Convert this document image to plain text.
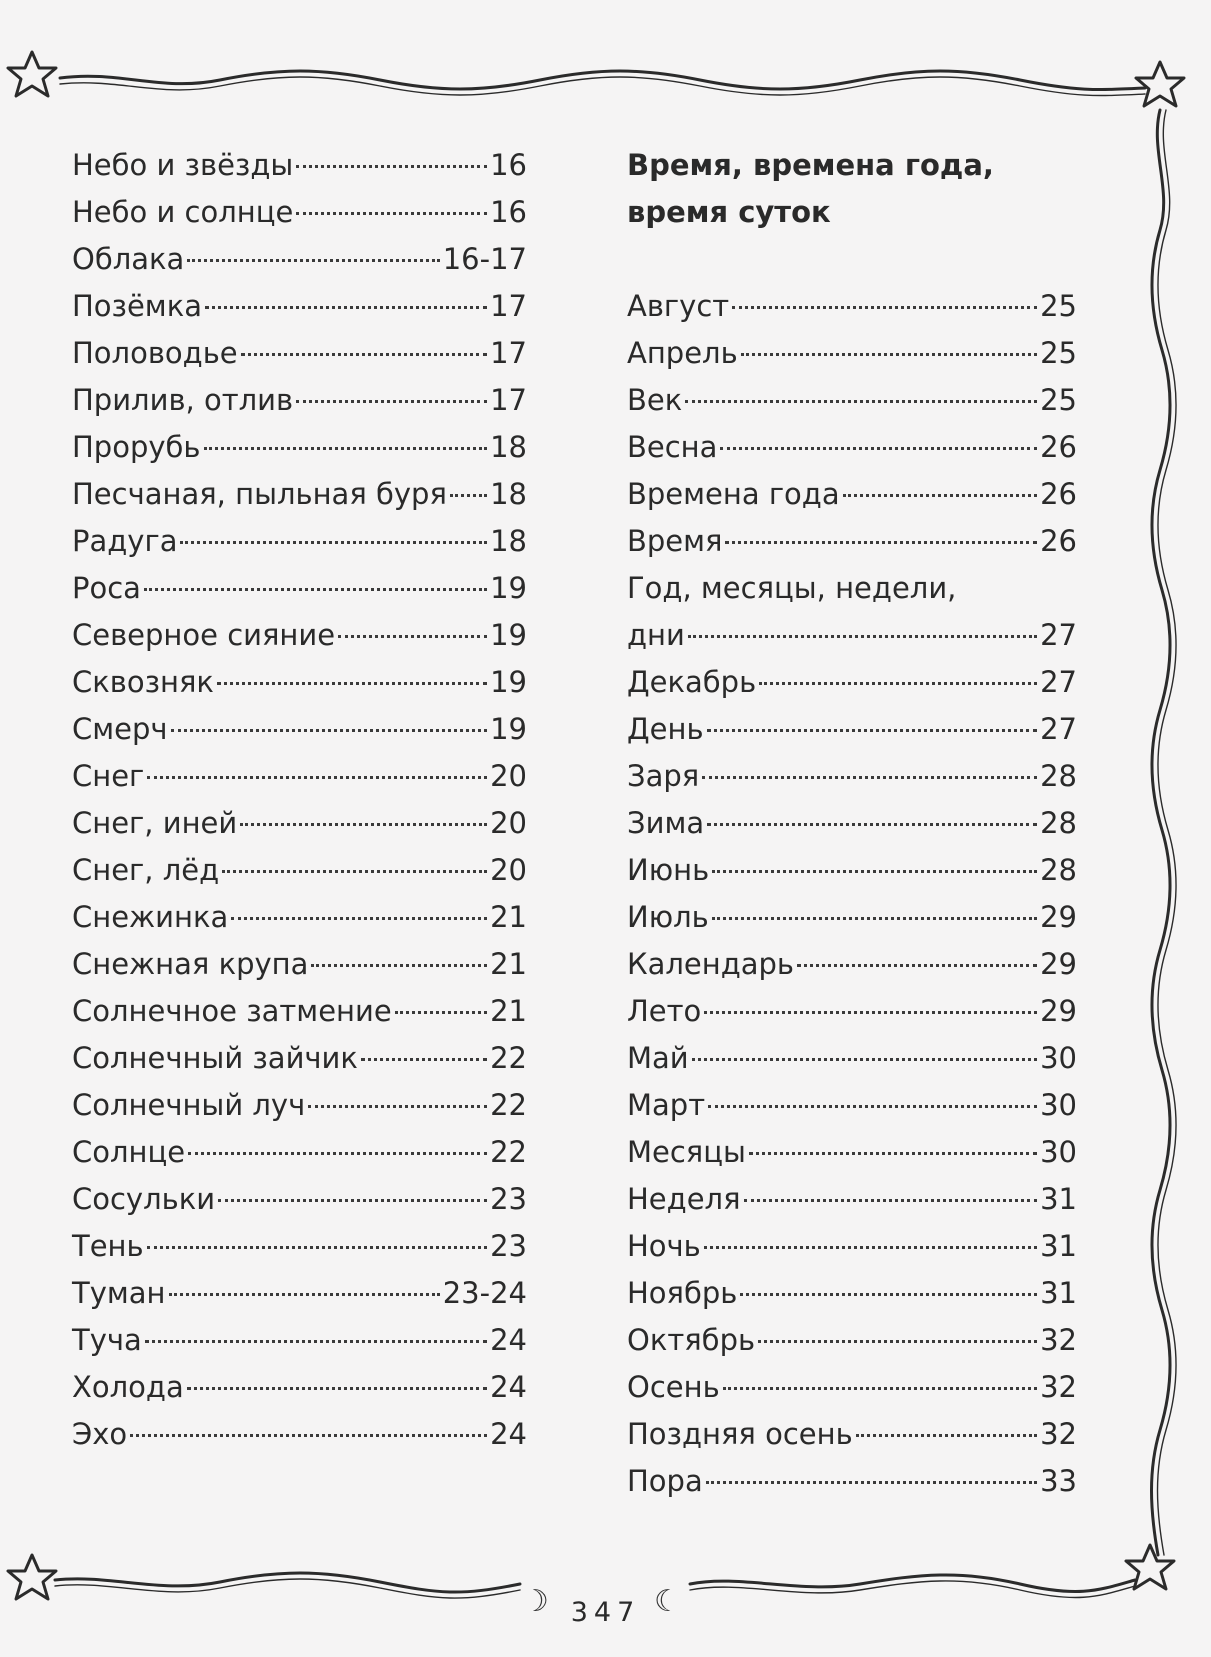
Небо и звёзды	16
Небо и солнце	16
Облака	16-17
Позёмка	17
Половодье	17
Прилив, отлив	17
Прорубь	18
Песчаная, пыльная буря 18
Радуга	18
Роса	19
Северное сияние	19
Сквозняк	19
Смерч	19
Снег	20
Снег, иней	20
Снег, лёд	20
Снежинка	21
Снежная крупа	21
Солнечное затмение	21
Солнечный зайчик	22
Солнечный луч	22
Солнце	22
Сосульки	23
Тень	23
Туман	23-24
Туча	24
Холода	24
Эхо	24
Время, времена года,
время суток
Август	25
Апрель	25
Век	25
Весна	26
Времена года	26
Время	26
Год, месяцы, недели,
дни	27
Декабрь	27
День	27
Заря	28
Зима	28
Июнь	28
Июль	29
Календарь	29
Лето	29
Май	30
Март	30
Месяцы	30
Неделя	31
Ночь	31
Ноябрь	31
Октябрь	32
Осень	32
Поздняя осень	32
Пора	33
☽ 347 ☾
